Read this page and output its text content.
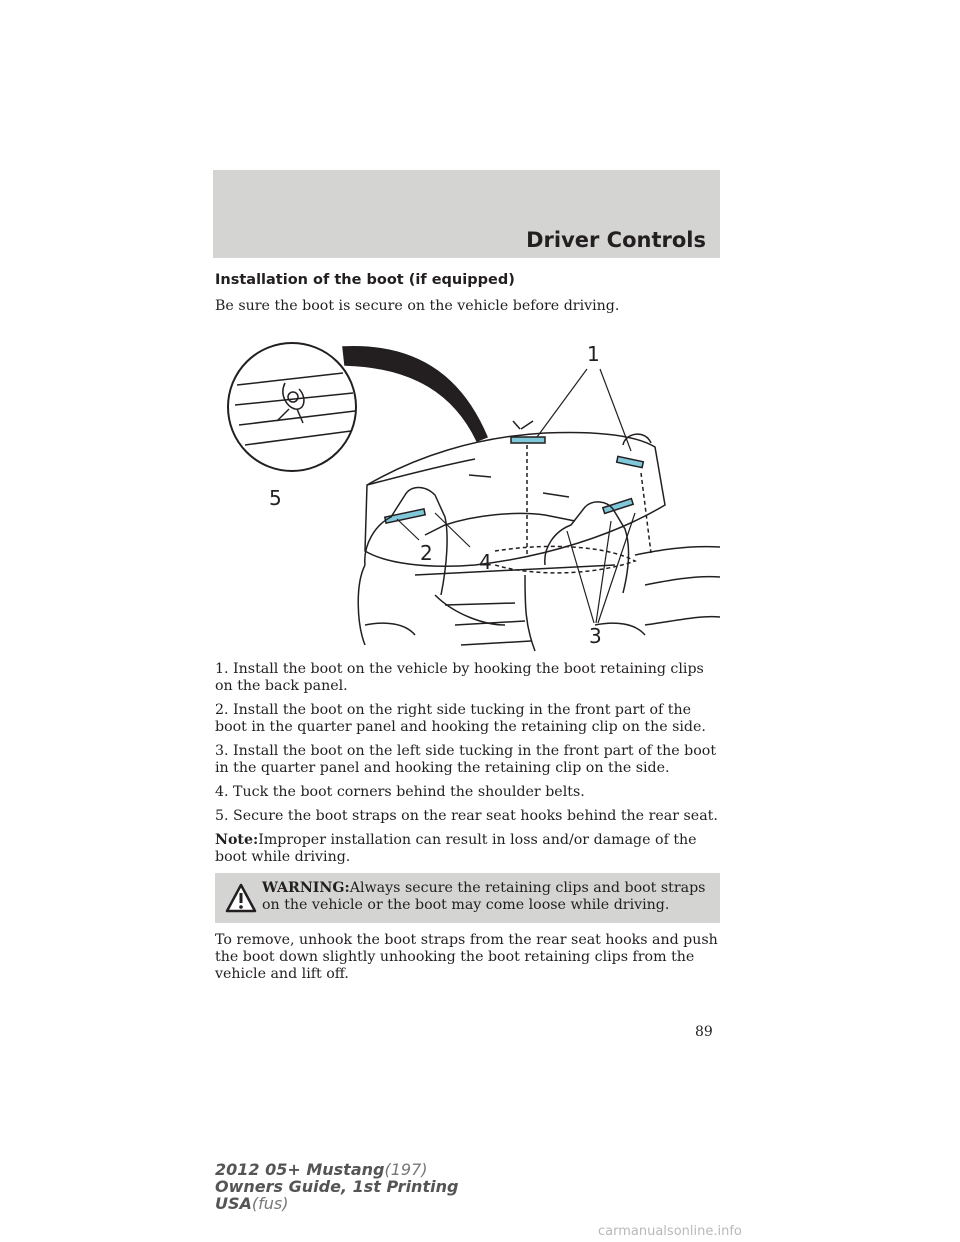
Driver Controls
Installation of the boot (if equipped)

Be sure the boot is secure on the vehicle before driving.

1
2
3
4
5

1. Install the boot on the vehicle by hooking the boot retaining clips on the back panel.

2. Install the boot on the right side tucking in the front part of the boot in the quarter panel and hooking the retaining clip on the side.

3. Install the boot on the left side tucking in the front part of the boot in the quarter panel and hooking the retaining clip on the side.

4. Tuck the boot corners behind the shoulder belts.

5. Secure the boot straps on the rear seat hooks behind the rear seat.

Note:Improper installation can result in loss and/or damage of the boot while driving.

WARNING:Always secure the retaining clips and boot straps on the vehicle or the boot may come loose while driving.

To remove, unhook the boot straps from the rear seat hooks and push the boot down slightly unhooking the boot retaining clips from the vehicle and lift off.

89
2012 05+ Mustang(197)
Owners Guide, 1st Printing
USA(fus)
carmanualsonline.info
